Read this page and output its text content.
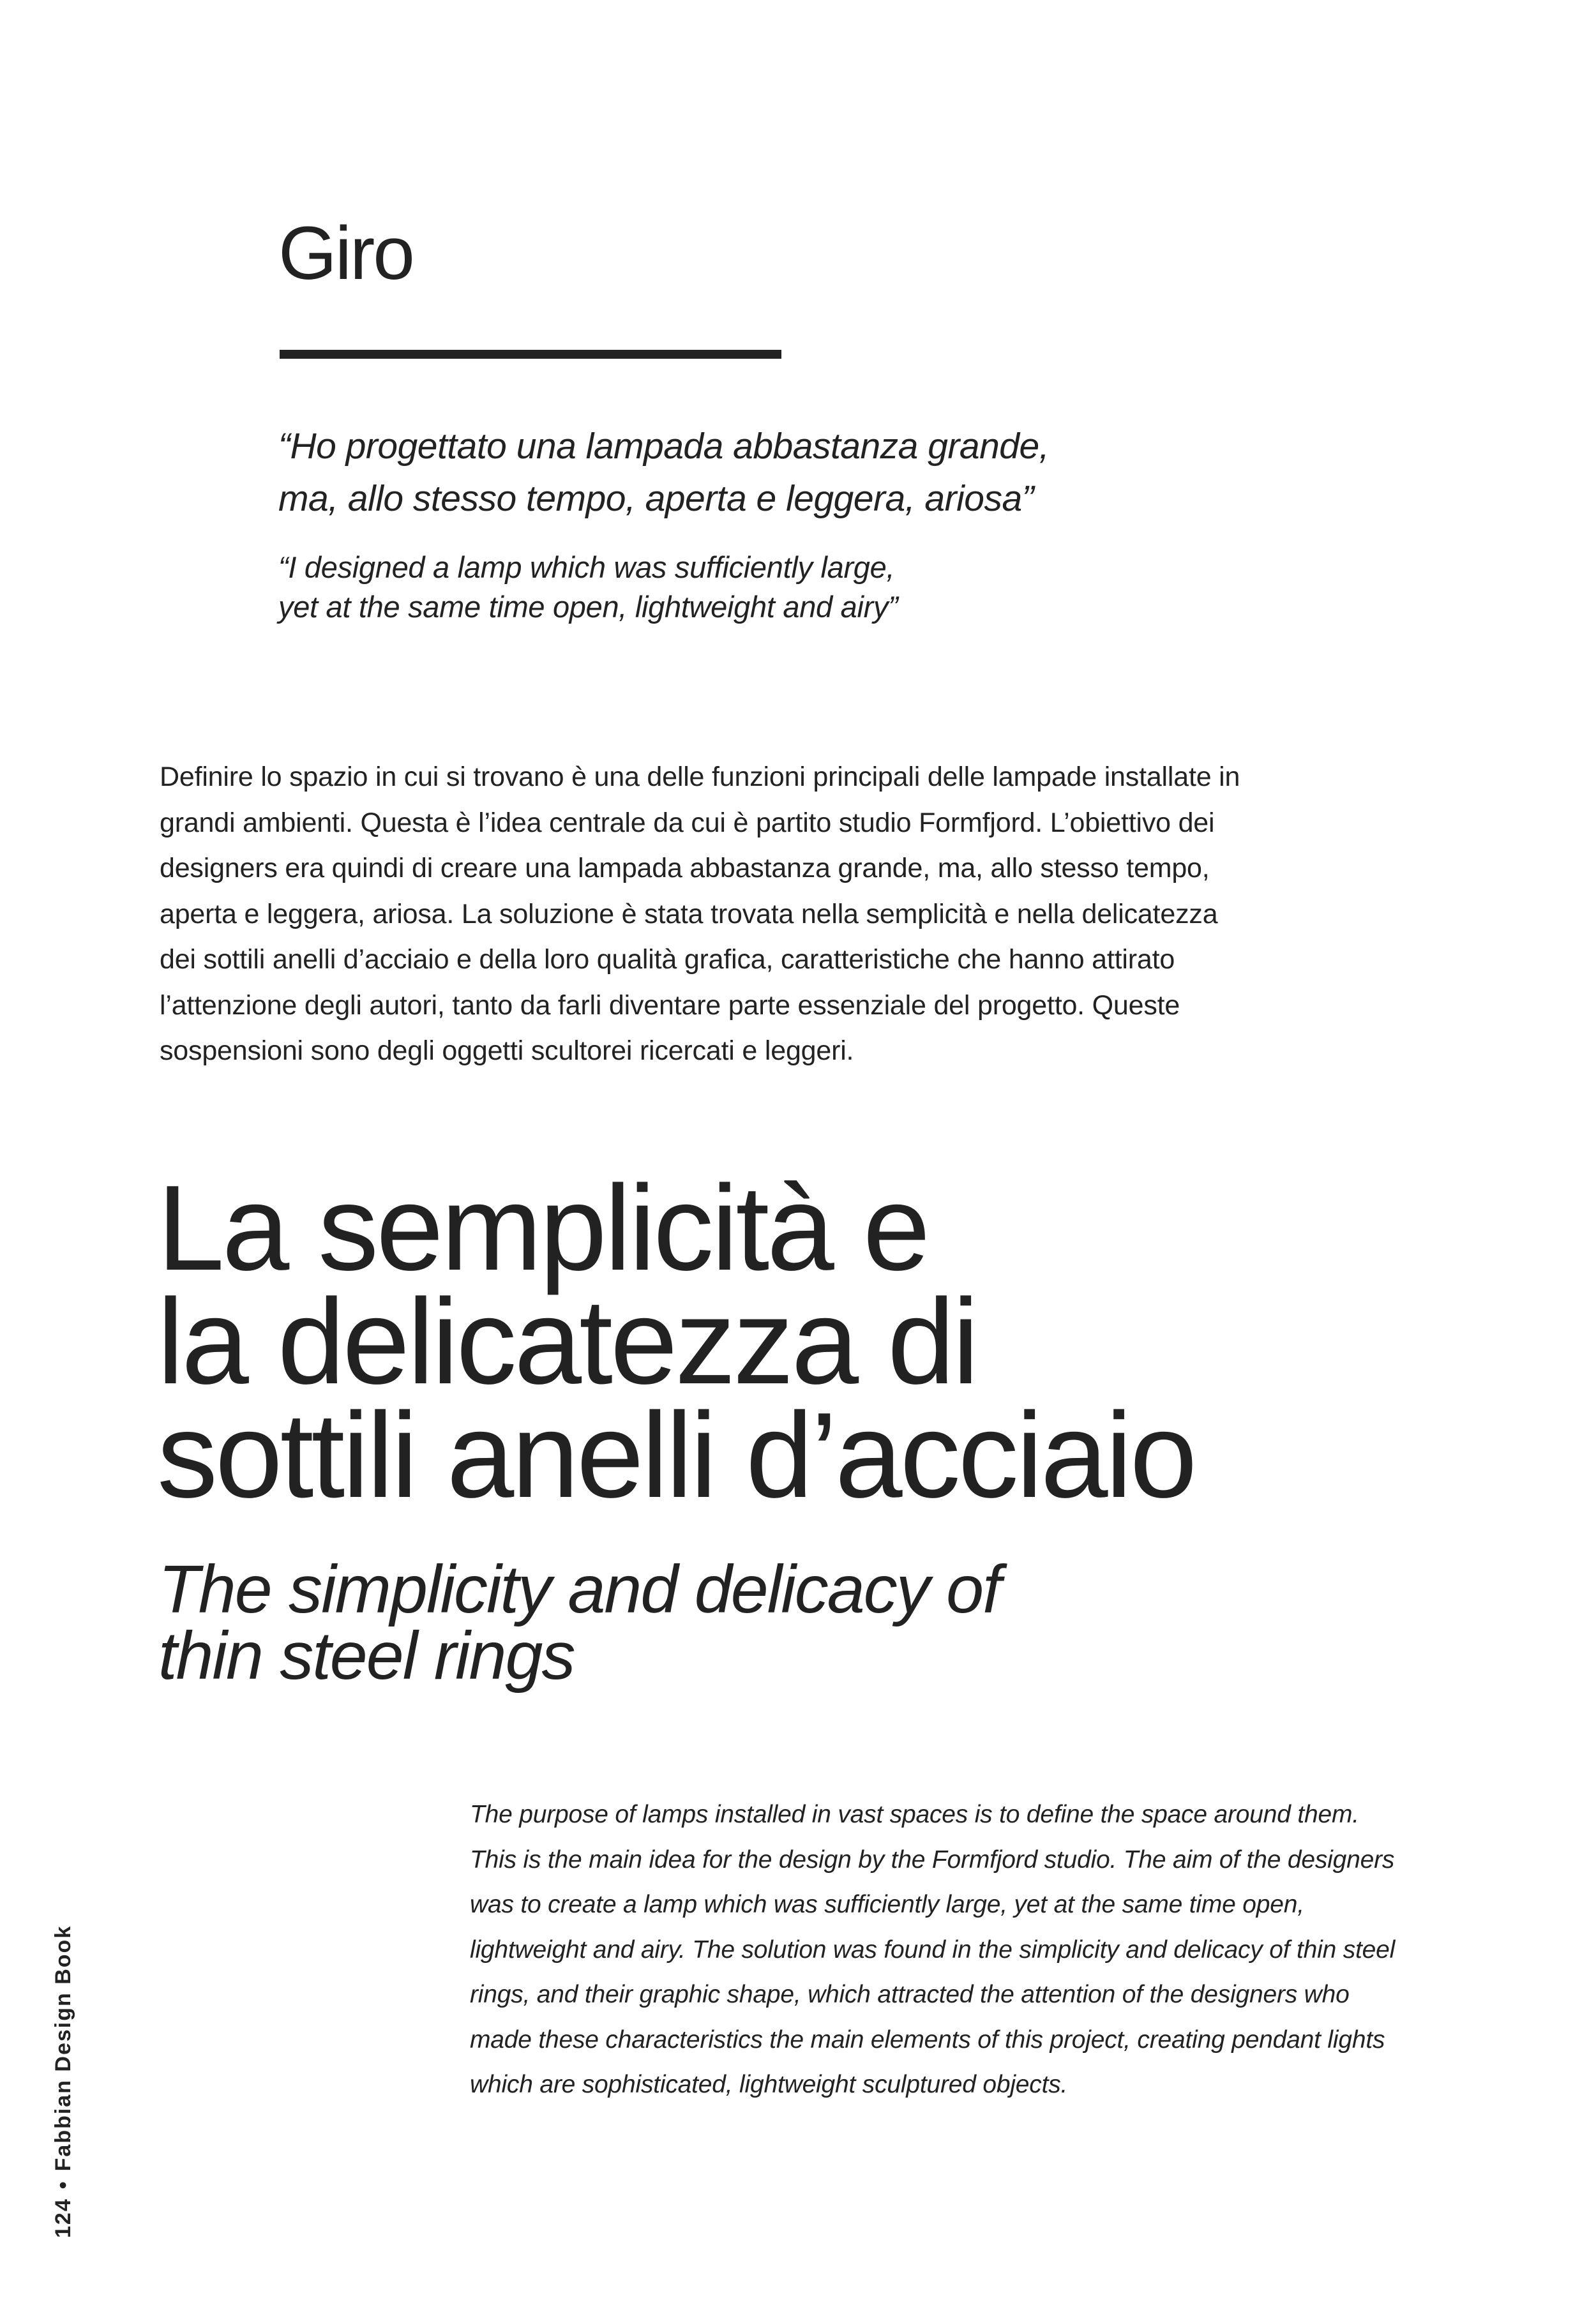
Giro
“Ho progettato una lampada abbastanza grande,
ma, allo stesso tempo, aperta e leggera, ariosa”
“I designed a lamp which was sufficiently large,
yet at the same time open, lightweight and airy”
Definire lo spazio in cui si trovano è una delle funzioni principali delle lampade installate in
grandi ambienti. Questa è l’idea centrale da cui è partito studio Formfjord. L’obiettivo dei
designers era quindi di creare una lampada abbastanza grande, ma, allo stesso tempo,
aperta e leggera, ariosa. La soluzione è stata trovata nella semplicità e nella delicatezza
dei sottili anelli d’acciaio e della loro qualità grafica, caratteristiche che hanno attirato
l’attenzione degli autori, tanto da farli diventare parte essenziale del progetto. Queste
sospensioni sono degli oggetti scultorei ricercati e leggeri.
La semplicità e
la delicatezza di
sottili anelli d’acciaio
The simplicity and delicacy of
thin steel rings
The purpose of lamps installed in vast spaces is to define the space around them.
This is the main idea for the design by the Formfjord studio. The aim of the designers
was to create a lamp which was sufficiently large, yet at the same time open,
lightweight and airy. The solution was found in the simplicity and delicacy of thin steel
rings, and their graphic shape, which attracted the attention of the designers who
made these characteristics the main elements of this project, creating pendant lights
which are sophisticated, lightweight sculptured objects.
124•Fabbian Design Book
